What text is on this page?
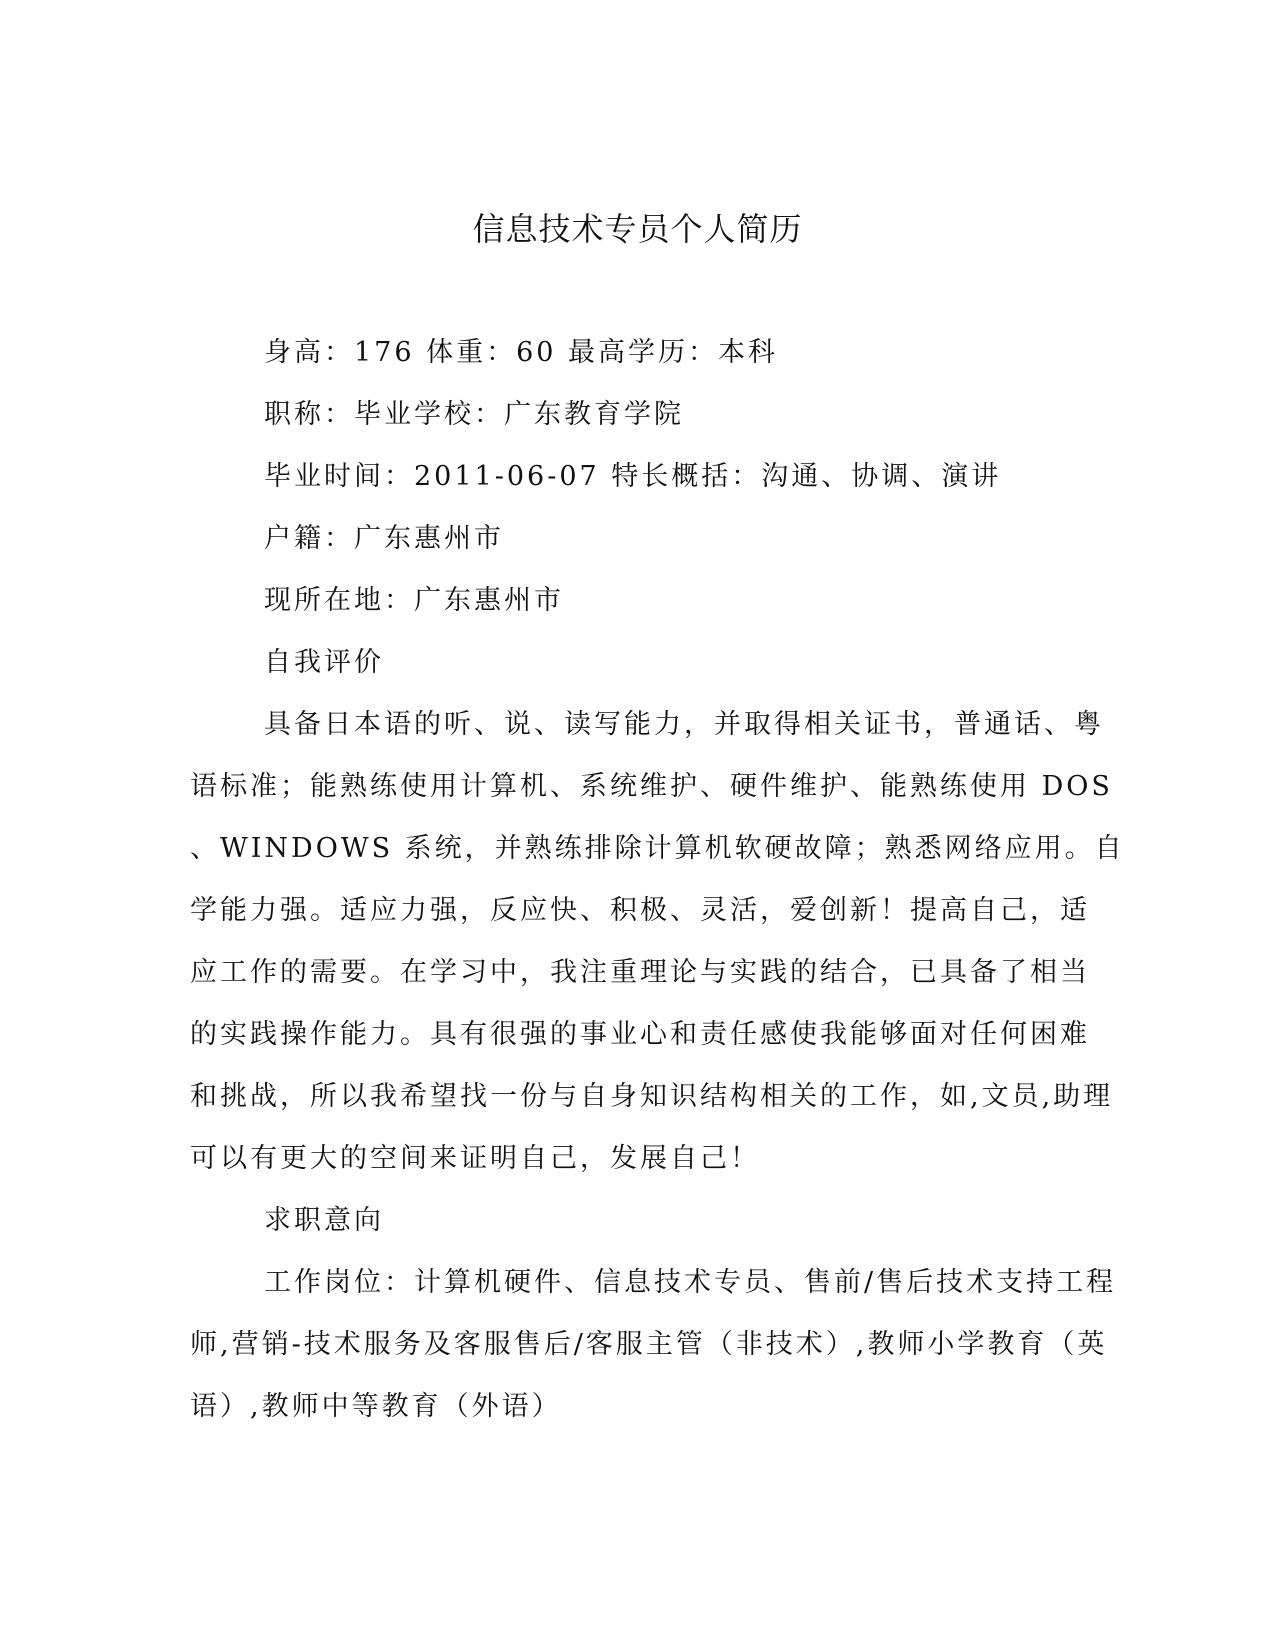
信息技术专员个人简历

身高：176 体重：60 最高学历：本科

职称：毕业学校：广东教育学院

毕业时间：2011-06-07 特长概括：沟通、协调、演讲

户籍：广东惠州市

现所在地：广东惠州市

自我评价

具备日本语的听、说、读写能力，并取得相关证书，普通话、粤

语标准；能熟练使用计算机、系统维护、硬件维护、能熟练使用 DOS

、WINDOWS 系统，并熟练排除计算机软硬故障；熟悉网络应用。自

学能力强。适应力强，反应快、积极、灵活，爱创新！提高自己，适

应工作的需要。在学习中，我注重理论与实践的结合，已具备了相当

的实践操作能力。具有很强的事业心和责任感使我能够面对任何困难

和挑战，所以我希望找一份与自身知识结构相关的工作，如,文员,助理

可以有更大的空间来证明自己，发展自己！

求职意向

工作岗位：计算机硬件、信息技术专员、售前/售后技术支持工程

师,营销-技术服务及客服售后/客服主管（非技术）,教师小学教育（英

语）,教师中等教育（外语）
